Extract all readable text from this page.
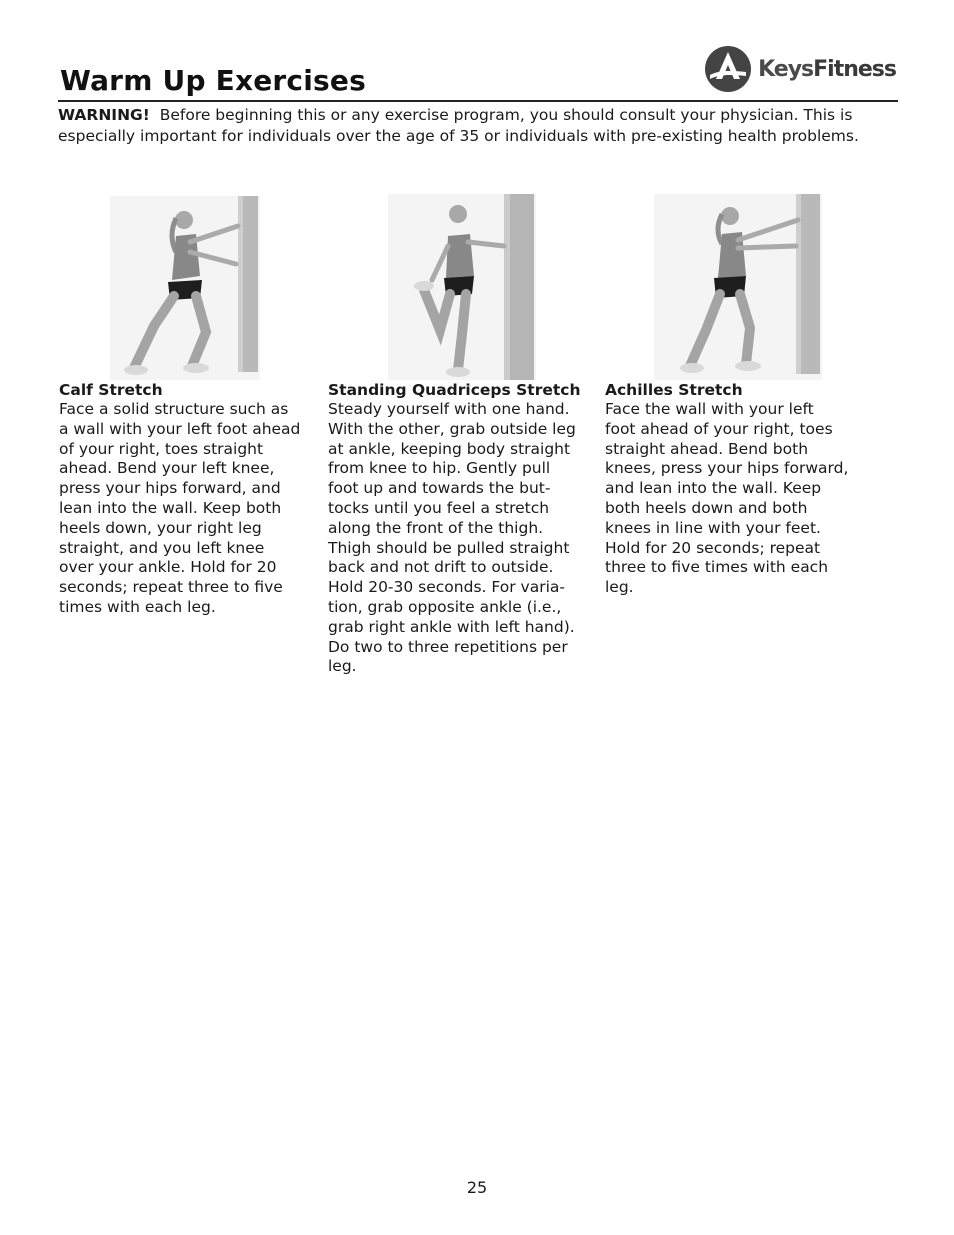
Warm Up Exercises	KeysFitness
WARNING! Before beginning this or any exercise program, you should consult your physician. This is especially important for individuals over the age of 35 or individuals with pre-existing health problems.
Calf Stretch

Face a solid structure such as
a wall with your left foot ahead
of your right, toes straight
ahead. Bend your left knee,
press your hips forward, and
lean into the wall. Keep both
heels down, your right leg
straight, and you left knee
over your ankle. Hold for 20
seconds; repeat three to five
times with each leg.

Standing Quadriceps Stretch

Steady yourself with one hand.
With the other, grab outside leg
at ankle, keeping body straight
from knee to hip. Gently pull
foot up and towards the but-
tocks until you feel a stretch
along the front of the thigh.
Thigh should be pulled straight
back and not drift to outside.
Hold 20-30 seconds. For varia-
tion, grab opposite ankle (i.e.,
grab right ankle with left hand).
Do two to three repetitions per
leg.

Achilles Stretch

Face the wall with your left
foot ahead of your right, toes
straight ahead. Bend both
knees, press your hips forward,
and lean into the wall. Keep
both heels down and both
knees in line with your feet.
Hold for 20 seconds; repeat
three to five times with each
leg.

25
